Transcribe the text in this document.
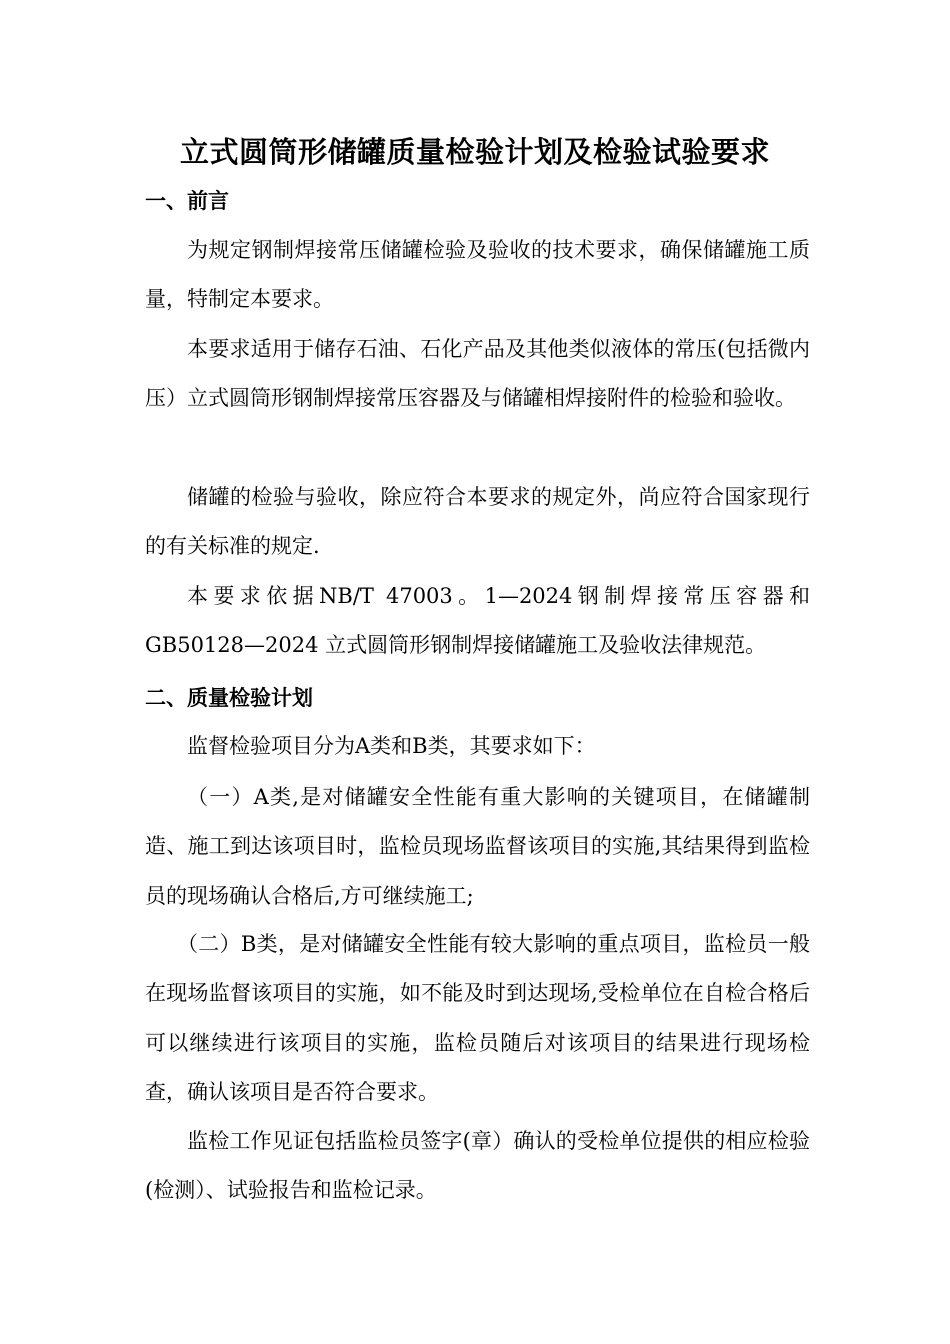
立式圆筒形储罐质量检验计划及检验试验要求
一、前言

为规定钢制焊接常压储罐检验及验收的技术要求，确保储罐施工质量，特制定本要求。

本要求适用于储存石油、石化产品及其他类似液体的常压(包括微内压）立式圆筒形钢制焊接常压容器及与储罐相焊接附件的检验和验收。

储罐的检验与验收，除应符合本要求的规定外，尚应符合国家现行的有关标准的规定.

本要求依据NB/T 47003。1—2024钢制焊接常压容器和GB50128—2024 立式圆筒形钢制焊接储罐施工及验收法律规范。

二、质量检验计划

监督检验项目分为A类和B类，其要求如下：

（一）A类,是对储罐安全性能有重大影响的关键项目，在储罐制造、施工到达该项目时，监检员现场监督该项目的实施,其结果得到监检员的现场确认合格后,方可继续施工;

（二）B类，是对储罐安全性能有较大影响的重点项目，监检员一般在现场监督该项目的实施，如不能及时到达现场,受检单位在自检合格后可以继续进行该项目的实施，监检员随后对该项目的结果进行现场检查，确认该项目是否符合要求。

监检工作见证包括监检员签字(章）确认的受检单位提供的相应检验(检测）、试验报告和监检记录。
